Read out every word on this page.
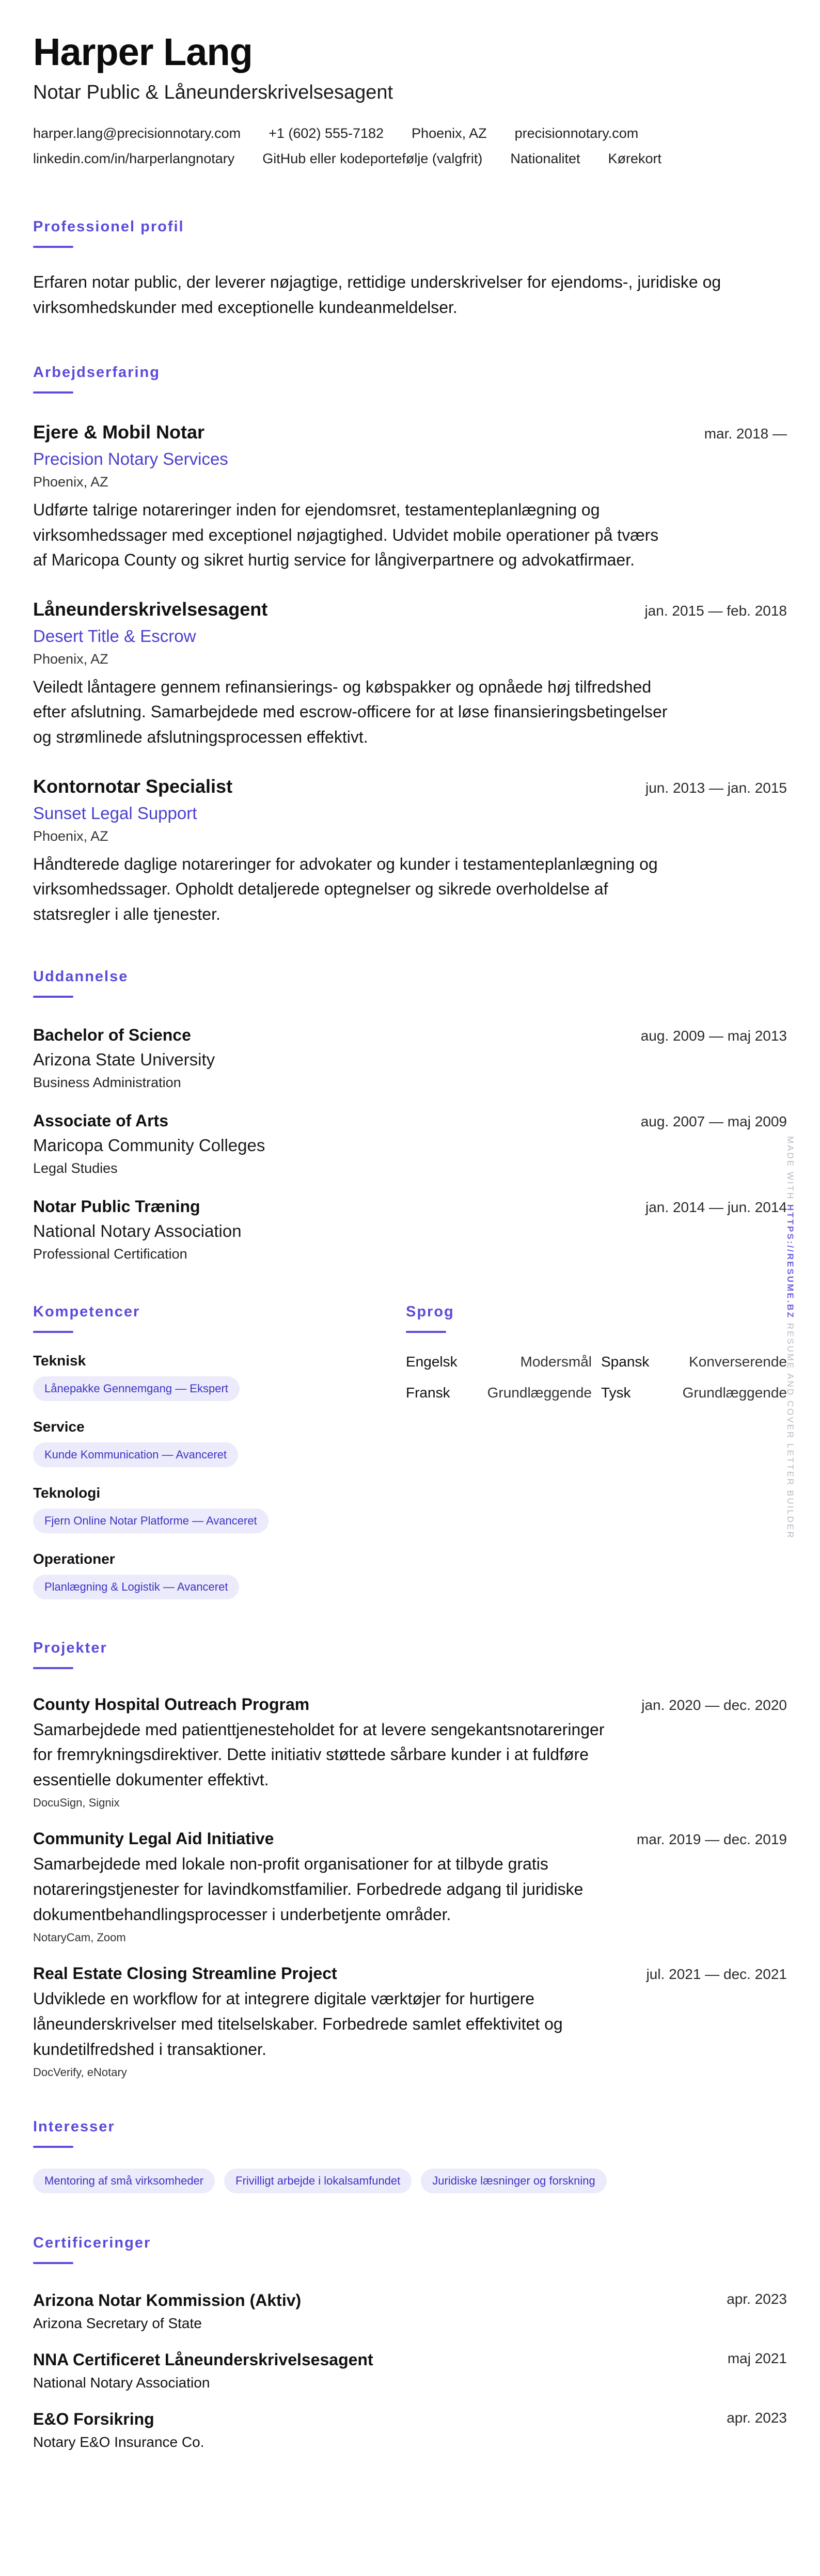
Harper Lang
Notar Public & Låneunderskrivelsesagent
harper.lang@precisionnotary.com +1 (602) 555-7182 Phoenix, AZ precisionnotary.com
linkedin.com/in/harperlangnotary GitHub eller kodeportefølje (valgfrit) Nationalitet Kørekort
Professionel profil
Erfaren notar public, der leverer nøjagtige, rettidige underskrivelser for ejendoms-, juridiske og virksomhedskunder med exceptionelle kundeanmeldelser.
Arbejdserfaring
Ejere & Mobil Notar	mar. 2018 —
Precision Notary Services
Phoenix, AZ
Udførte talrige notareringer inden for ejendomsret, testamenteplanlægning og virksomhedssager med exceptionel nøjagtighed. Udvidet mobile operationer på tværs af Maricopa County og sikret hurtig service for långiverpartnere og advokatfirmaer.
Låneunderskrivelsesagent	jan. 2015 — feb. 2018
Desert Title & Escrow
Phoenix, AZ
Veiledt låntagere gennem refinansierings- og købspakker og opnåede høj tilfredshed efter afslutning. Samarbejdede med escrow-officere for at løse finansieringsbetingelser og strømlinede afslutningsprocessen effektivt.
Kontornotar Specialist	jun. 2013 — jan. 2015
Sunset Legal Support
Phoenix, AZ
Håndterede daglige notareringer for advokater og kunder i testamenteplanlægning og virksomhedssager. Opholdt detaljerede optegnelser og sikrede overholdelse af statsregler i alle tjenester.
Uddannelse
Bachelor of Science	aug. 2009 — maj 2013
Arizona State University
Business Administration
Associate of Arts	aug. 2007 — maj 2009
Maricopa Community Colleges
Legal Studies
Notar Public Træning	jan. 2014 — jun. 2014
National Notary Association
Professional Certification
Kompetencer
Teknisk
Lånepakke Gennemgang — Ekspert
Service
Kunde Kommunication — Avanceret
Teknologi
Fjern Online Notar Platforme — Avanceret
Operationer
Planlægning & Logistik — Avanceret
Sprog
Engelsk	Modersmål Spansk	Konverserende
Fransk	Grundlæggende Tysk	Grundlæggende
Projekter
County Hospital Outreach Program	jan. 2020 — dec. 2020
Samarbejdede med patienttjenesteholdet for at levere sengekantsnotareringer for fremrykningsdirektiver. Dette initiativ støttede sårbare kunder i at fuldføre essentielle dokumenter effektivt.
DocuSign, Signix
Community Legal Aid Initiative	mar. 2019 — dec. 2019
Samarbejdede med lokale non-profit organisationer for at tilbyde gratis notareringstjenester for lavindkomstfamilier. Forbedrede adgang til juridiske dokumentbehandlingsprocesser i underbetjente områder.
NotaryCam, Zoom
Real Estate Closing Streamline Project	jul. 2021 — dec. 2021
Udviklede en workflow for at integrere digitale værktøjer for hurtigere låneunderskrivelser med titelselskaber. Forbedrede samlet effektivitet og kundetilfredshed i transaktioner.
DocVerify, eNotary
Interesser
Mentoring af små virksomheder	Frivilligt arbejde i lokalsamfundet	Juridiske læsninger og forskning
Certificeringer
Arizona Notar Kommission (Aktiv)
Arizona Secretary of State
apr. 2023
NNA Certificeret Låneunderskrivelsesagent
National Notary Association
maj 2021
E&O Forsikring
Notary E&O Insurance Co.
apr. 2023
MADE WITH HTTPS://RESUME.BZ RESUME AND COVER LETTER BUILDER
